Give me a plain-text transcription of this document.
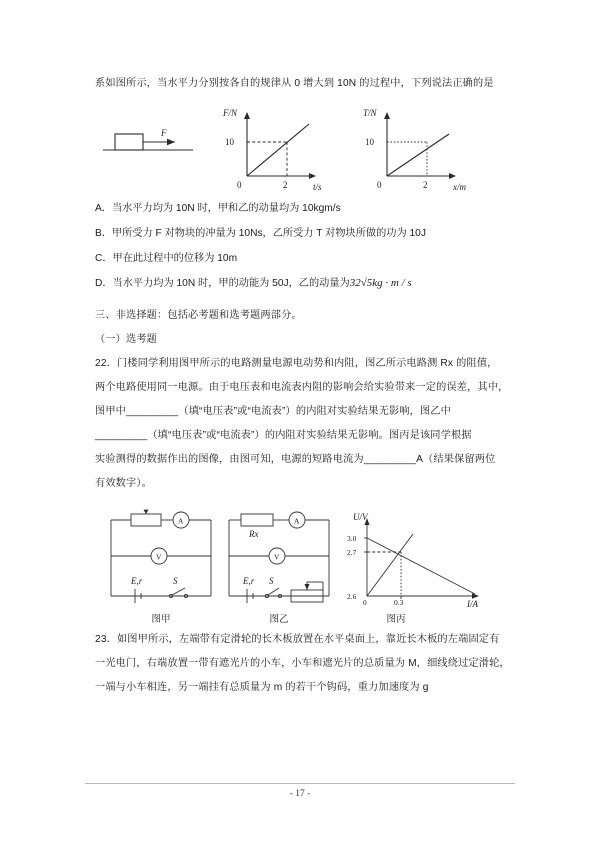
系如图所示，当水平力分别按各自的规律从 0 增大到 10N 的过程中，下列说法正确的是

F
10
0	2
F/N
t/s
10
0	2
T/N
x/m

A．当水平力均为 10N 时，甲和乙的动量均为 10kgm/s

B．甲所受力 F 对物块的冲量为 10Ns，乙所受力 T 对物块所做的功为 10J

C．甲在此过程中的位移为 10m

D．当水平力均为 10N 时，甲的动能为 50J，乙的动量为32√5kg · m / s

三、非选择题：包括必考题和选考题两部分。

（一）选考题

22．门楼同学利用图甲所示的电路测量电源电动势和内阻，图乙所示电路测 Rx 的阻值，

两个电路使用同一电源。由于电压表和电流表内阻的影响会给实验带来一定的误差，其中，

图甲中_________（填“电压表”或“电流表”）的内阻对实验结果无影响，图乙中

_________（填“电压表”或“电流表”）的内阻对实验结果无影响。图丙是该同学根据

实验测得的数据作出的图像，由图可知，电源的短路电流为_________A（结果保留两位

有效数字）。

A
V
E,r	S
图甲
Rx
A
V
E,r S
图乙
3.0
2.7
2.6
0	0.3
U/V
I/A
图丙

23．如图甲所示，左端带有定滑轮的长木板放置在水平桌面上，靠近长木板的左端固定有

一光电门，右端放置一带有遮光片的小车，小车和遮光片的总质量为 M，细线绕过定滑轮，

一端与小车相连，另一端挂有总质量为 m 的若干个钩码，重力加速度为 g

- 17 -
